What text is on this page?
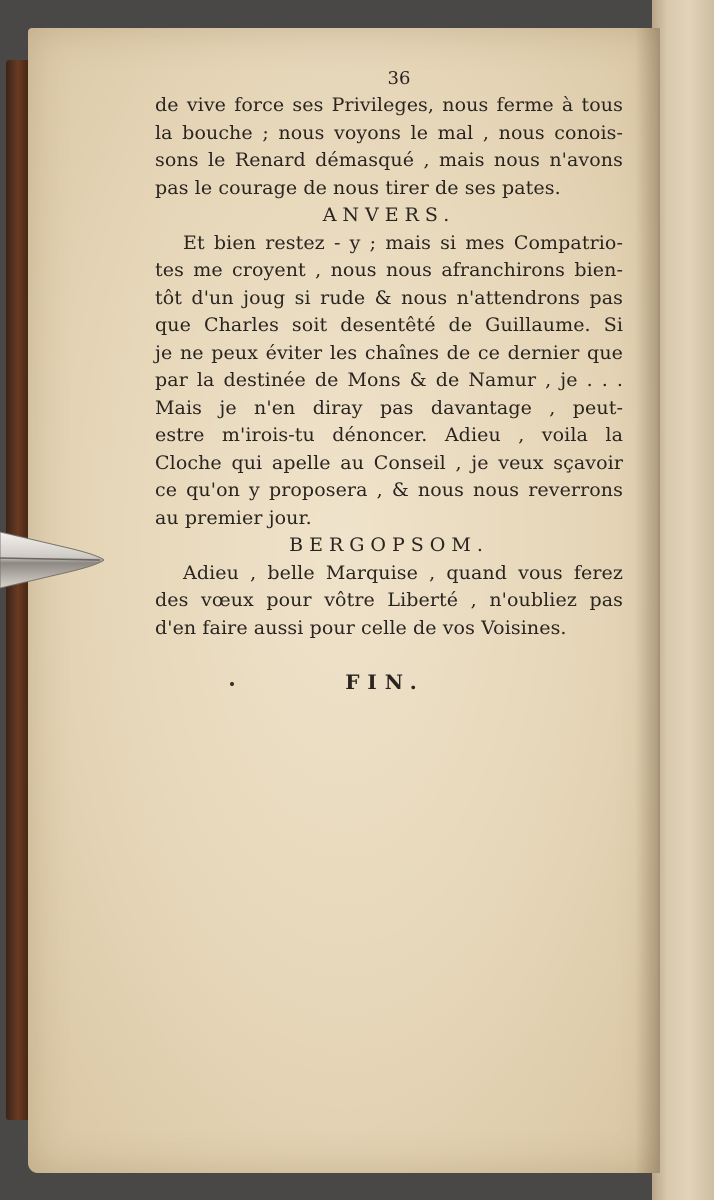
36
de vive force ses Privileges, nous ferme à tous
la bouche ; nous voyons le mal , nous conois-
sons le Renard démasqué , mais nous n'avons
pas le courage de nous tirer de ses pates.
ANVERS.
Et bien restez - y ; mais si mes Compatrio-
tes me croyent , nous nous afranchirons bien-
tôt d'un joug si rude & nous n'attendrons pas
que Charles soit desentêté de Guillaume. Si
je ne peux éviter les chaînes de ce dernier que
par la destinée de Mons & de Namur , je . . .
Mais je n'en diray pas davantage , peut-
estre m'irois-tu dénoncer. Adieu , voila la
Cloche qui apelle au Conseil , je veux sçavoir
ce qu'on y proposera , & nous nous reverrons
au premier jour.
BERGOPSOM.
Adieu , belle Marquise , quand vous ferez
des vœux pour vôtre Liberté , n'oubliez pas
d'en faire aussi pour celle de vos Voisines.
FIN.
